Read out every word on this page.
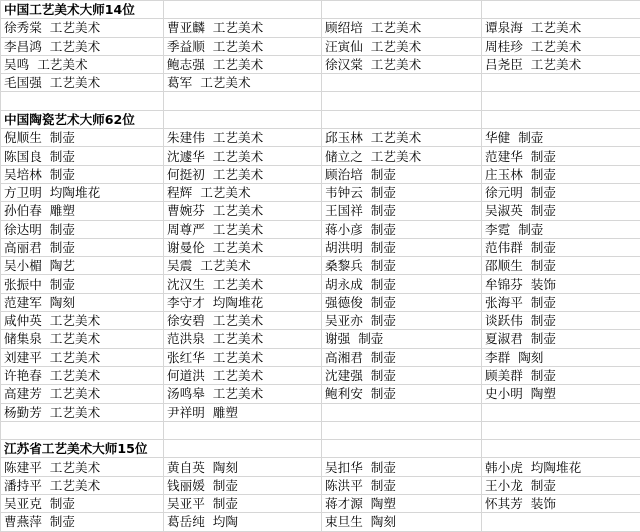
中国工艺美术大师14位			
徐秀棠  工艺美术	曹亚麟  工艺美术	顾绍培  工艺美术	谭泉海  工艺美术
李昌鸿  工艺美术	季益顺  工艺美术	汪寅仙  工艺美术	周桂珍  工艺美术
吴鸣  工艺美术	鲍志强  工艺美术	徐汉棠  工艺美术	吕尧臣  工艺美术
毛国强  工艺美术	葛军  工艺美术		

中国陶瓷艺术大师62位			
倪顺生  制壶	朱建伟  工艺美术	邱玉林  工艺美术	华健  制壶
陈国良  制壶	沈遽华  工艺美术	储立之  工艺美术	范建华  制壶
吴培林  制壶	何挺初  工艺美术	顾治培  制壶	庄玉林  制壶
方卫明  均陶堆花	程辉  工艺美术	韦钟云  制壶	徐元明  制壶
孙伯春  雕塑	曹婉芬  工艺美术	王国祥  制壶	吴淑英  制壶
徐达明  制壶	周尊严  工艺美术	蒋小彦  制壶	李霓  制壶
高丽君  制壶	谢曼伦  工艺美术	胡洪明  制壶	范伟群  制壶
吴小楣  陶艺	吴震  工艺美术	桑黎兵  制壶	邵顺生  制壶
张振中  制壶	沈汉生  工艺美术	胡永成  制壶	牟锦芬  装饰
范建军  陶刻	李守才  均陶堆花	强德俊  制壶	张海平  制壶
咸仲英  工艺美术	徐安碧  工艺美术	吴亚亦  制壶	谈跃伟  制壶
储集泉  工艺美术	范洪泉  工艺美术	谢强  制壶	夏淑君  制壶
刘建平  工艺美术	张红华  工艺美术	高湘君  制壶	李群  陶刻
许艳春  工艺美术	何道洪  工艺美术	沈建强  制壶	顾美群  制壶
高建芳  工艺美术	汤鸣皋  工艺美术	鲍利安  制壶	史小明  陶塑
杨勤芳  工艺美术	尹祥明  雕塑		

江苏省工艺美术大师15位			
陈建平  工艺美术	黄自英  陶刻	吴扣华  制壶	韩小虎  均陶堆花
潘持平  工艺美术	钱丽媛  制壶	陈洪平  制壶	王小龙  制壶
吴亚克  制壶	吴亚平  制壶	蒋才源  陶塑	怀其芳  装饰
曹燕萍  制壶	葛岳纯  均陶	束旦生  陶刻	
